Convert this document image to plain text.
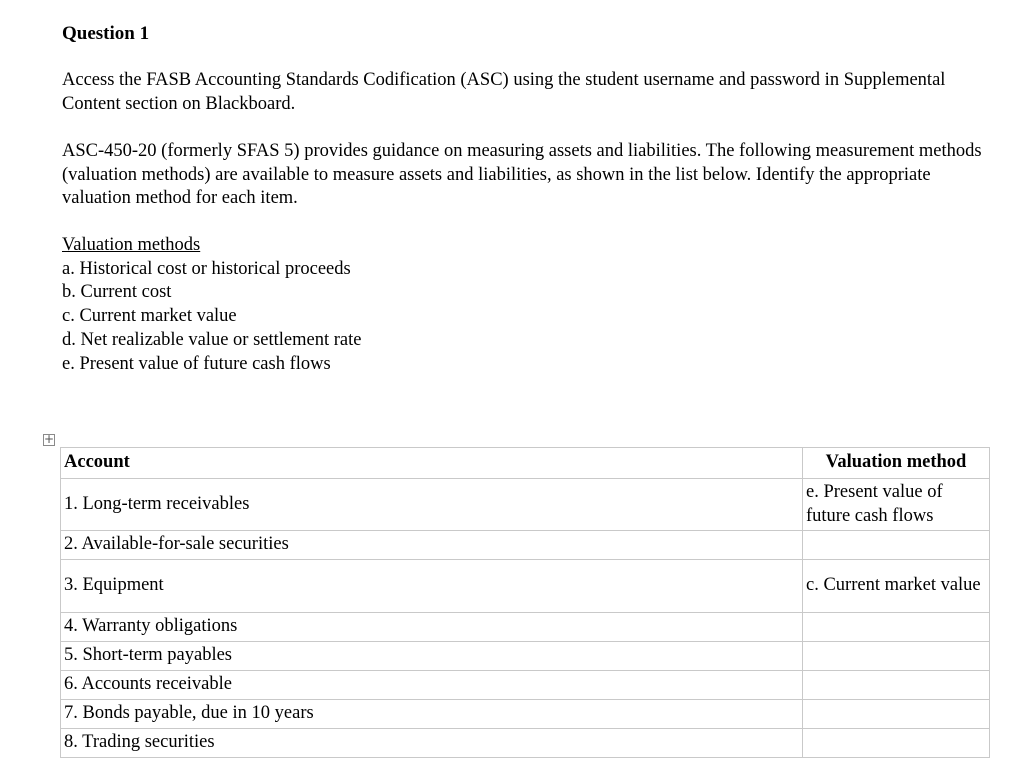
Question 1

Access the FASB Accounting Standards Codification (ASC) using the student username and password in Supplemental Content section on Blackboard.

ASC-450-20 (formerly SFAS 5) provides guidance on measuring assets and liabilities. The following measurement methods (valuation methods) are available to measure assets and liabilities, as shown in the list below. Identify the appropriate valuation method for each item.

Valuation methods
a. Historical cost or historical proceeds
b. Current cost
c. Current market value
d. Net realizable value or settlement rate
e. Present value of future cash flows
+
Account	Valuation method
1. Long-term receivables	e. Present value of future cash flows
2. Available-for-sale securities	
3. Equipment	c. Current market value
4. Warranty obligations	
5. Short-term payables	
6. Accounts receivable	
7. Bonds payable, due in 10 years	
8. Trading securities	
